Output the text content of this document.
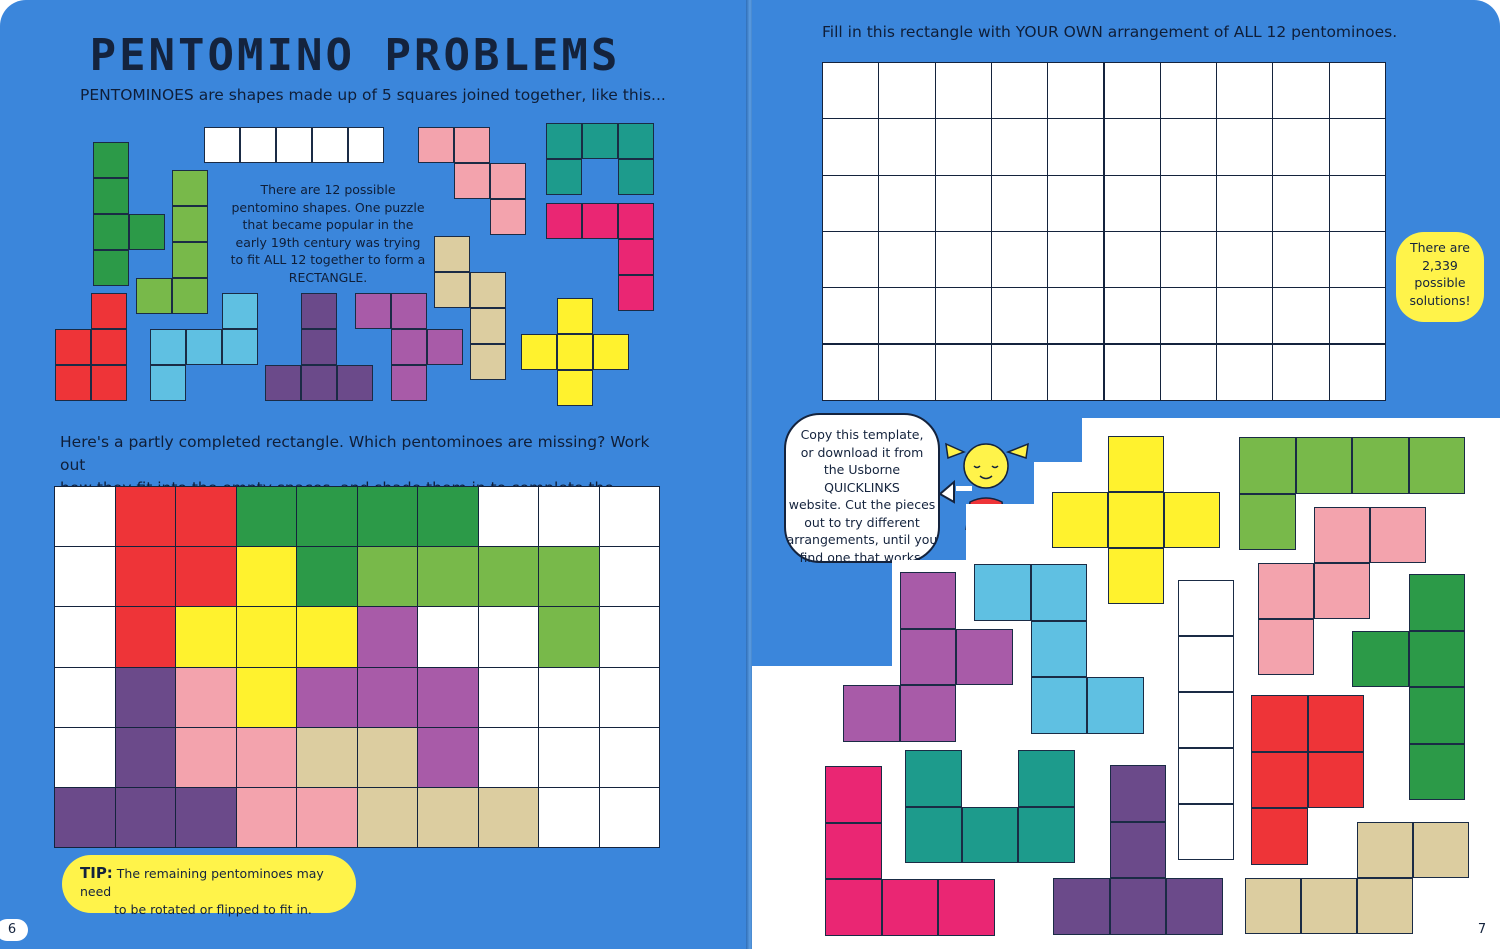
PENTOMINO PROBLEMS
PENTOMINOES are shapes made up of 5 squares joined together, like this...
There are 12 possible pentomino shapes. One puzzle that became popular in the early 19th century was trying to fit ALL 12 together to form a RECTANGLE.
Here's a partly completed rectangle. Which pentominoes are missing? Work out
TIP: The remaining pentominoes may need
to be rotated or flipped to fit in.
6
Fill in this rectangle with YOUR OWN arrangement of ALL 12 pentominoes.
There are
2,339
possible
solutions!
Copy this template,
or download it from
the Usborne QUICKLINKS
website. Cut the pieces
out to try different
arrangements, until you
find one that works.
7
